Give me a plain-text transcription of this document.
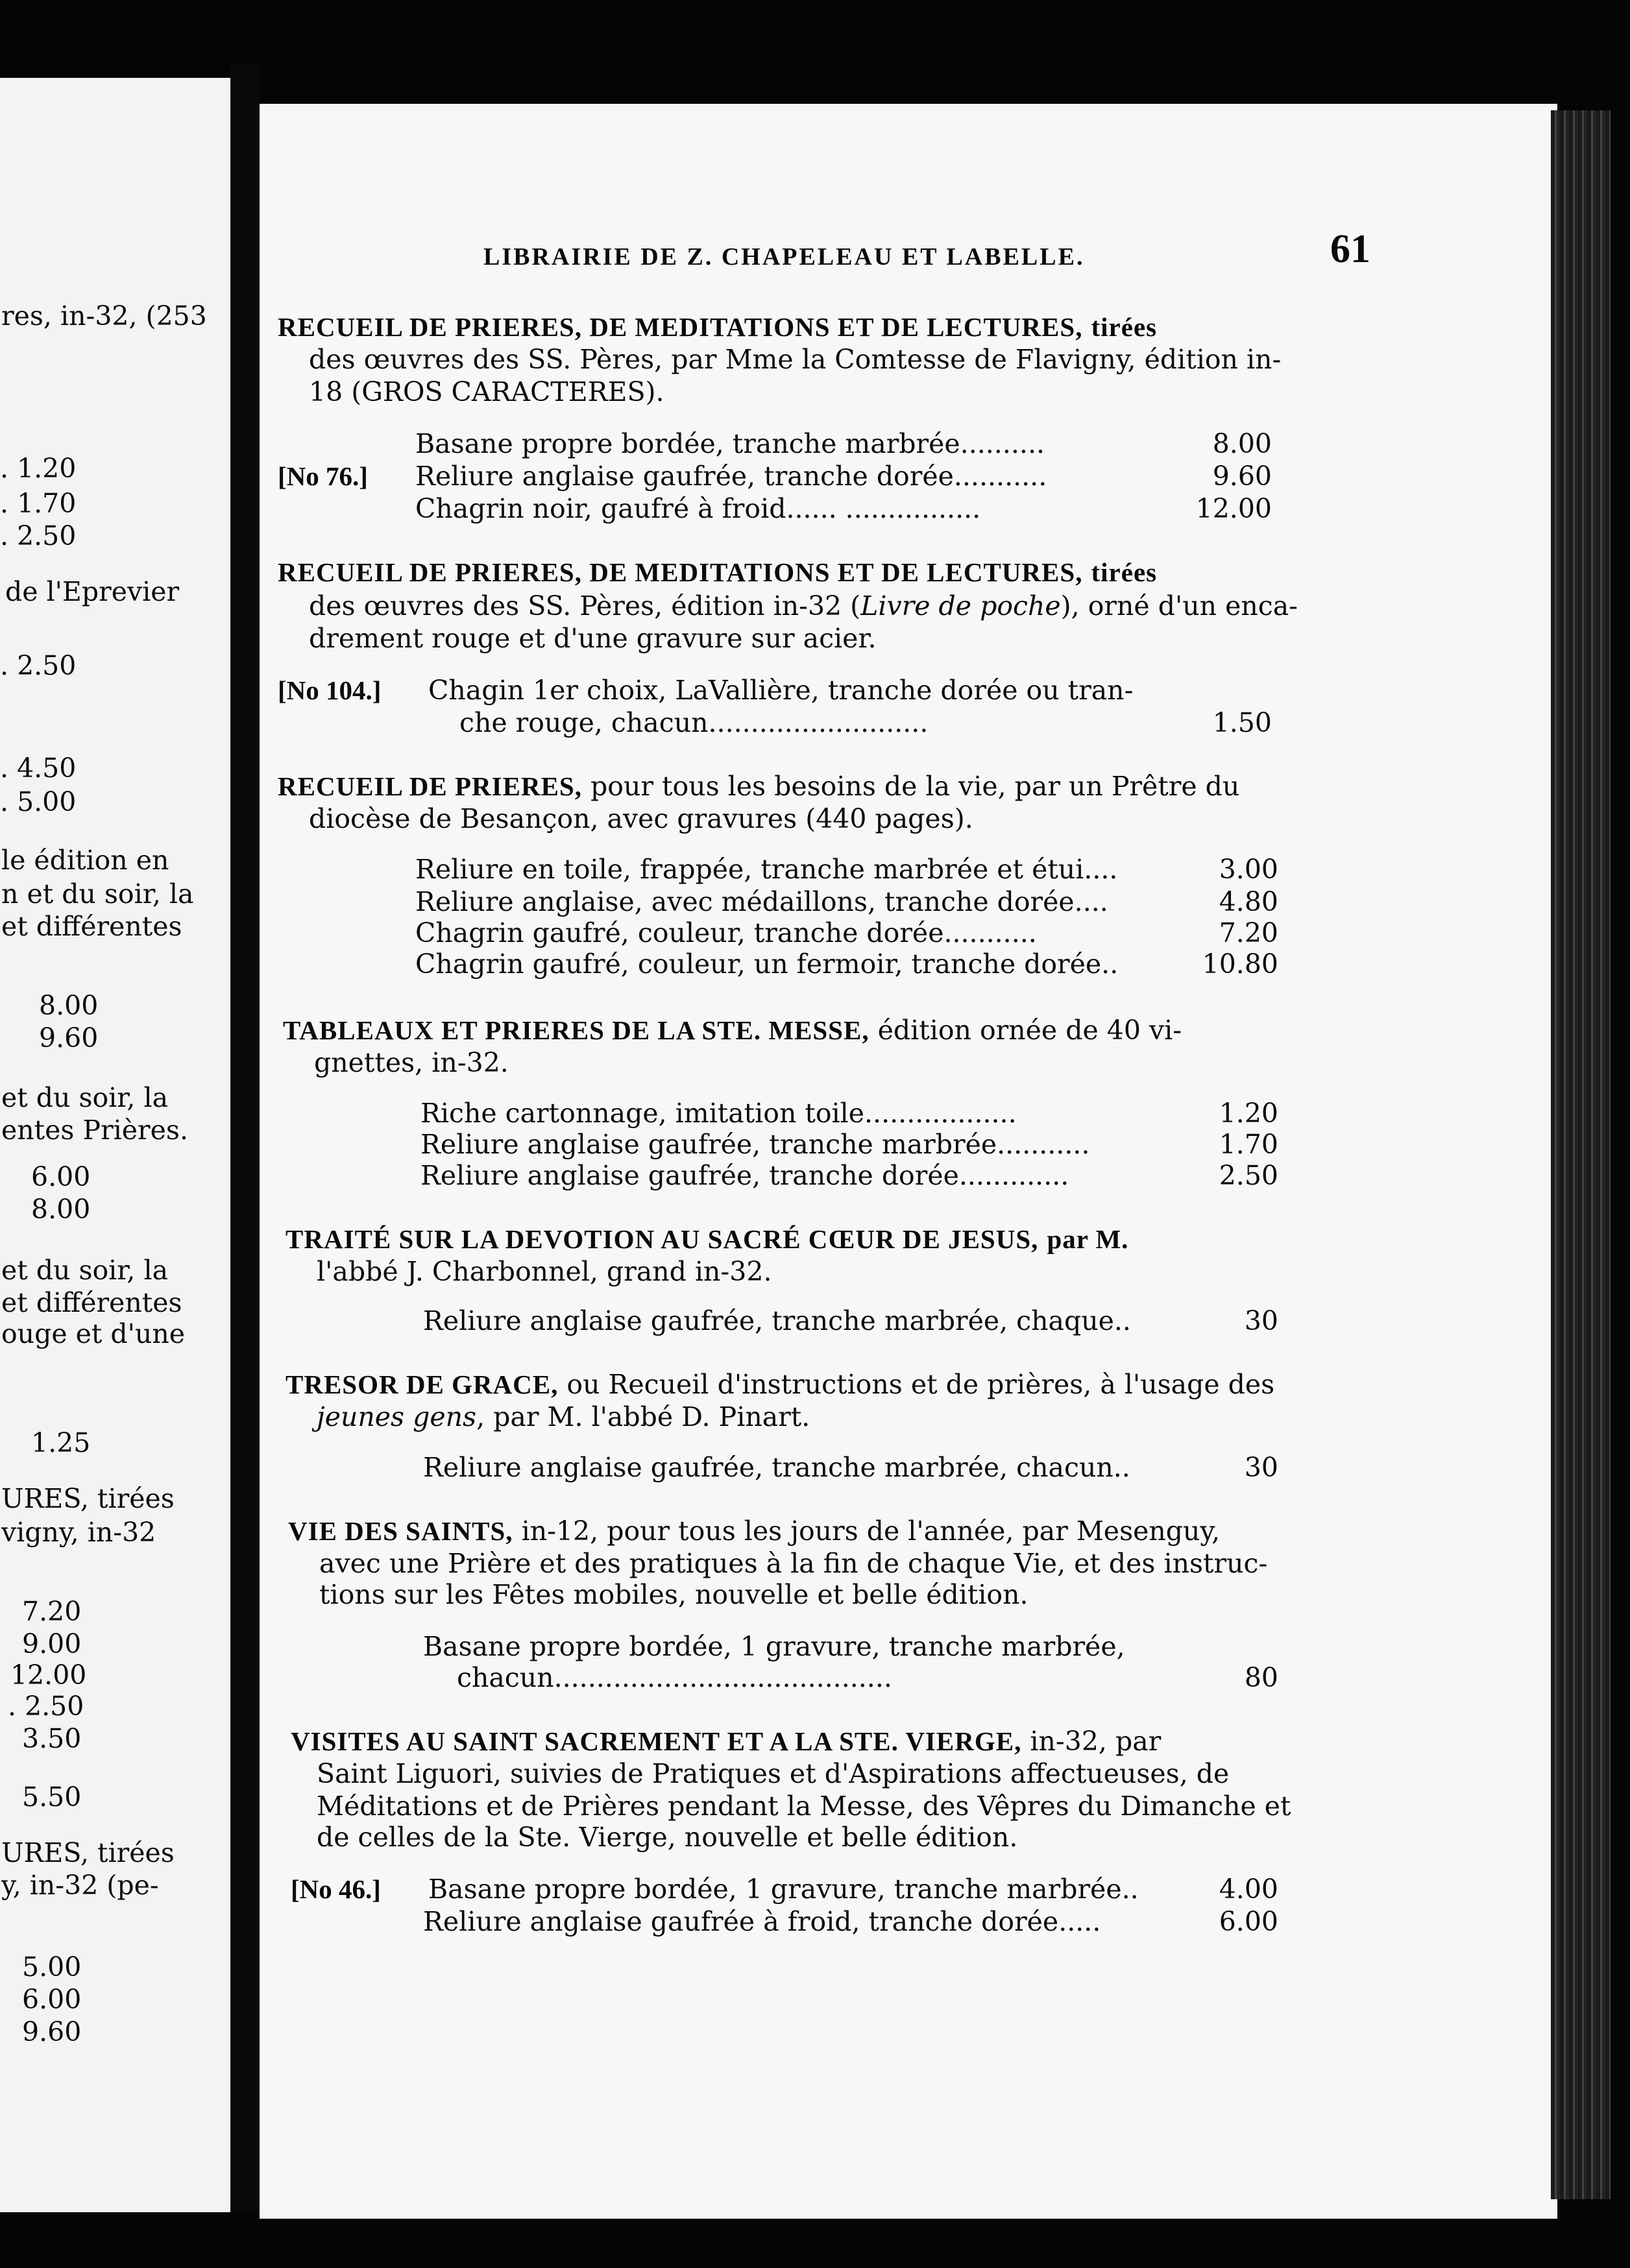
res, in-32, (253
. 1.20
. 1.70
. 2.50
de l'Eprevier
. 2.50
. 4.50
. 5.00
le édition en
n et du soir, la
et différentes
8.00
9.60
et du soir, la
entes Prières.
6.00
8.00
et du soir, la
et différentes
ouge et d'une
1.25
URES, tirées
vigny, in-32
7.20
9.00
12.00
. 2.50
3.50
5.50
URES, tirées
y, in-32 (pe-
5.00
6.00
9.60
LIBRAIRIE DE Z. CHAPELEAU ET LABELLE.	61
RECUEIL DE PRIERES, DE MEDITATIONS ET DE LECTURES, tirées
des œuvres des SS. Pères, par Mme la Comtesse de Flavigny, édition in-
18 (GROS CARACTERES).
Basane propre bordée, tranche marbrée..........	8.00
[No 76.] Reliure anglaise gaufrée, tranche dorée...........	9.60
Chagrin noir, gaufré à froid...... ................	12.00
RECUEIL DE PRIERES, DE MEDITATIONS ET DE LECTURES, tirées
des œuvres des SS. Pères, édition in-32 (Livre de poche), orné d'un enca-
drement rouge et d'une gravure sur acier.
[No 104.] Chagin 1er choix, LaVallière, tranche dorée ou tran-
che rouge, chacun..........................	1.50
RECUEIL DE PRIERES, pour tous les besoins de la vie, par un Prêtre du
diocèse de Besançon, avec gravures (440 pages).
Reliure en toile, frappée, tranche marbrée et étui....	3.00
Reliure anglaise, avec médaillons, tranche dorée....	4.80
Chagrin gaufré, couleur, tranche dorée...........	7.20
Chagrin gaufré, couleur, un fermoir, tranche dorée..	10.80
TABLEAUX ET PRIERES DE LA STE. MESSE, édition ornée de 40 vi-
gnettes, in-32.
Riche cartonnage, imitation toile..................	1.20
Reliure anglaise gaufrée, tranche marbrée...........	1.70
Reliure anglaise gaufrée, tranche dorée.............	2.50
TRAITÉ SUR LA DEVOTION AU SACRÉ CŒUR DE JESUS, par M.
l'abbé J. Charbonnel, grand in-32.
Reliure anglaise gaufrée, tranche marbrée, chaque..	30
TRESOR DE GRACE, ou Recueil d'instructions et de prières, à l'usage des
jeunes gens, par M. l'abbé D. Pinart.
Reliure anglaise gaufrée, tranche marbrée, chacun..	30
VIE DES SAINTS, in-12, pour tous les jours de l'année, par Mesenguy,
avec une Prière et des pratiques à la fin de chaque Vie, et des instruc-
tions sur les Fêtes mobiles, nouvelle et belle édition.
Basane propre bordée, 1 gravure, tranche marbrée,
chacun........................................	80
VISITES AU SAINT SACREMENT ET A LA STE. VIERGE, in-32, par
Saint Liguori, suivies de Pratiques et d'Aspirations affectueuses, de
Méditations et de Prières pendant la Messe, des Vêpres du Dimanche et
de celles de la Ste. Vierge, nouvelle et belle édition.
[No 46.] Basane propre bordée, 1 gravure, tranche marbrée..	4.00
Reliure anglaise gaufrée à froid, tranche dorée.....	6.00
